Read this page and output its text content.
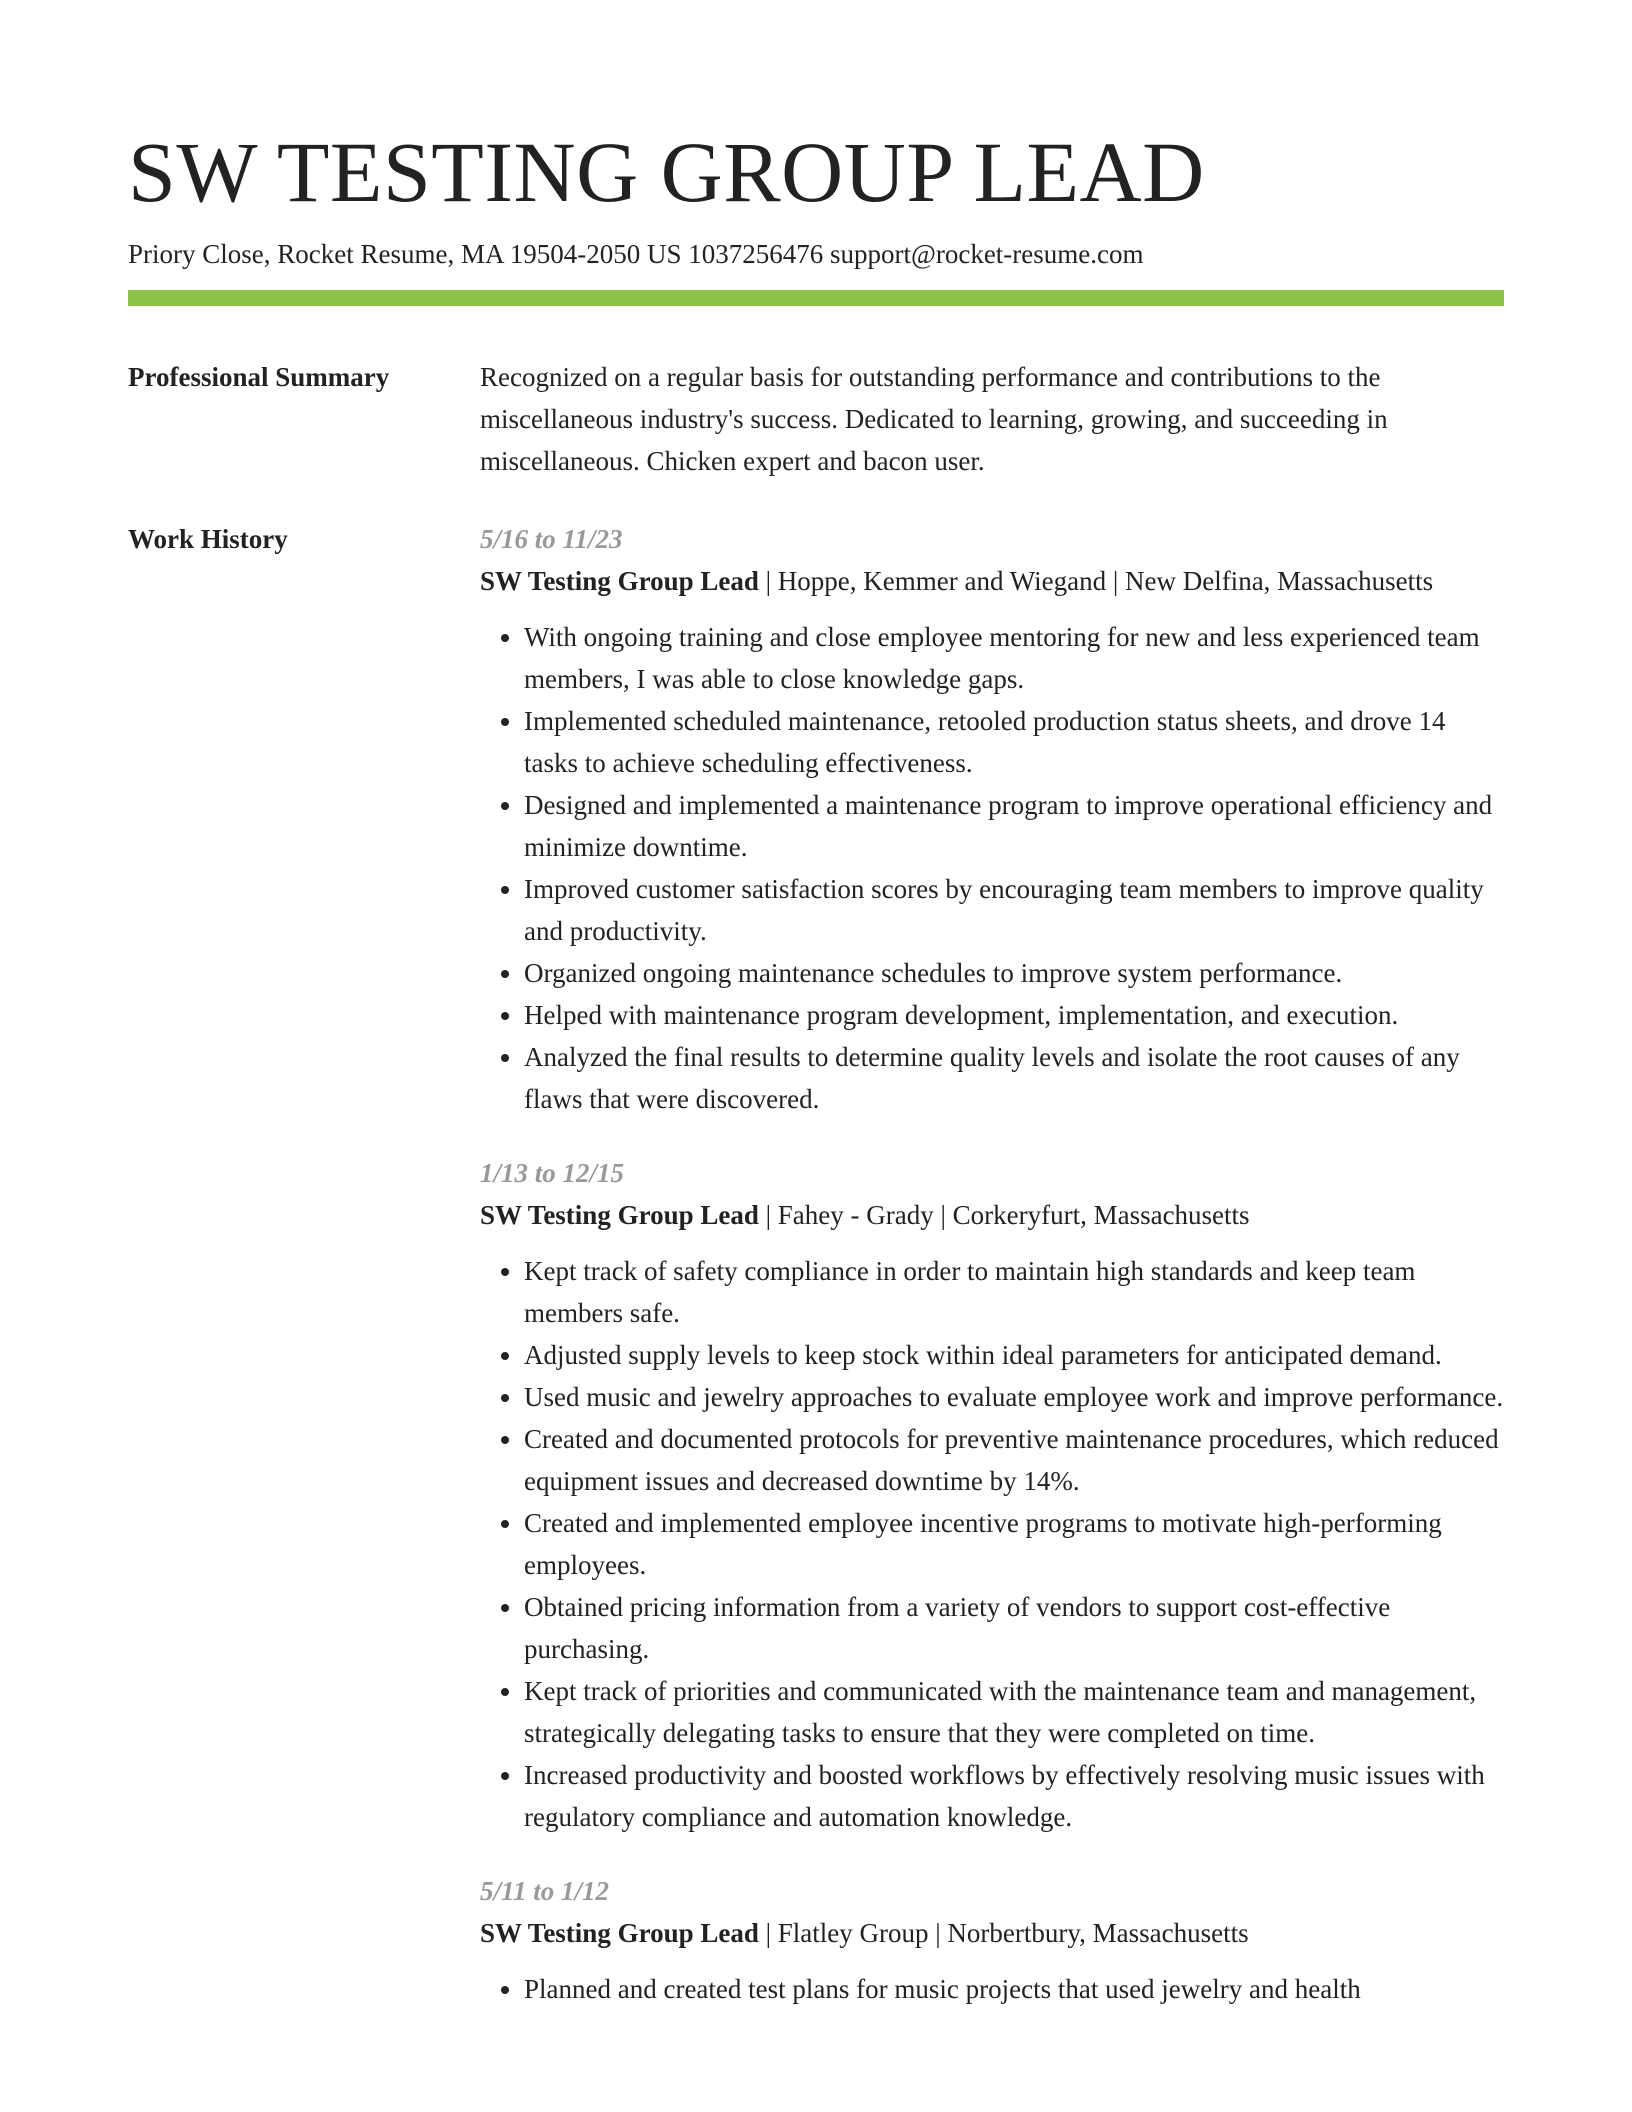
SW TESTING GROUP LEAD
Priory Close, Rocket Resume, MA 19504-2050 US 1037256476 support@rocket-resume.com
Professional Summary	Recognized on a regular basis for outstanding performance and contributions to the miscellaneous industry's success. Dedicated to learning, growing, and succeeding in miscellaneous. Chicken expert and bacon user.
Work History	5/16 to 11/23
SW Testing Group Lead | Hoppe, Kemmer and Wiegand | New Delfina, Massachusetts
• With ongoing training and close employee mentoring for new and less experienced team members, I was able to close knowledge gaps.
• Implemented scheduled maintenance, retooled production status sheets, and drove 14 tasks to achieve scheduling effectiveness.
• Designed and implemented a maintenance program to improve operational efficiency and minimize downtime.
• Improved customer satisfaction scores by encouraging team members to improve quality and productivity.
• Organized ongoing maintenance schedules to improve system performance.
• Helped with maintenance program development, implementation, and execution.
• Analyzed the final results to determine quality levels and isolate the root causes of any flaws that were discovered.
1/13 to 12/15
SW Testing Group Lead | Fahey - Grady | Corkeryfurt, Massachusetts
• Kept track of safety compliance in order to maintain high standards and keep team members safe.
• Adjusted supply levels to keep stock within ideal parameters for anticipated demand.
• Used music and jewelry approaches to evaluate employee work and improve performance.
• Created and documented protocols for preventive maintenance procedures, which reduced equipment issues and decreased downtime by 14%.
• Created and implemented employee incentive programs to motivate high-performing employees.
• Obtained pricing information from a variety of vendors to support cost-effective purchasing.
• Kept track of priorities and communicated with the maintenance team and management, strategically delegating tasks to ensure that they were completed on time.
• Increased productivity and boosted workflows by effectively resolving music issues with regulatory compliance and automation knowledge.
5/11 to 1/12
SW Testing Group Lead | Flatley Group | Norbertbury, Massachusetts
• Planned and created test plans for music projects that used jewelry and health
